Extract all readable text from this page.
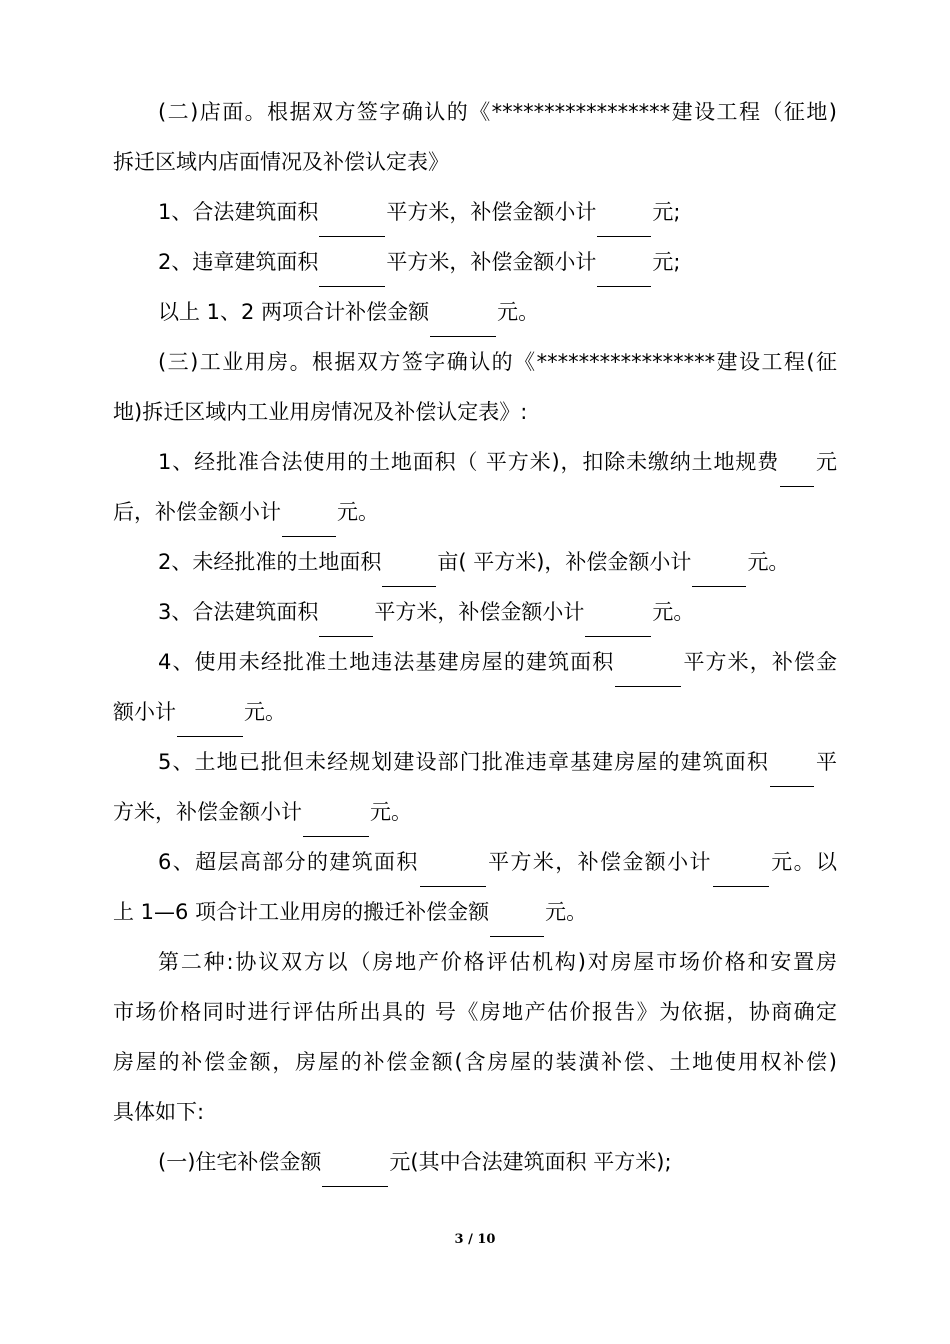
(二)店面。根据双方签字确认的《*****************建设工程（征地)
拆迁区域内店面情况及补偿认定表》
1、合法建筑面积	平方米，补偿金额小计	元;
2、违章建筑面积	平方米，补偿金额小计	元;
以上 1、2 两项合计补偿金额	元。
(三)工业用房。根据双方签字确认的《*****************建设工程(征
地)拆迁区域内工业用房情况及补偿认定表》:
1、经批准合法使用的土地面积（ 平方米)，扣除未缴纳土地规费 元
后，补偿金额小计	元。
2、未经批准的土地面积	亩( 平方米)，补偿金额小计	元。
3、合法建筑面积	平方米，补偿金额小计	元。
4、使用未经批准土地违法基建房屋的建筑面积	平方米，补偿金
额小计	元。
5、土地已批但未经规划建设部门批准违章基建房屋的建筑面积 平
方米，补偿金额小计	元。
6、超层高部分的建筑面积	平方米，补偿金额小计	元。以
上 1—6 项合计工业用房的搬迁补偿金额	元。
第二种:协议双方以（房地产价格评估机构)对房屋市场价格和安置房
市场价格同时进行评估所出具的 号《房地产估价报吿》为依据，协商确定
房屋的补偿金额，房屋的补偿金额(含房屋的装潢补偿、土地使用权补偿)
具体如下:
(一)住宅补偿金额	元(其中合法建筑面积 平方米);
3 / 10
